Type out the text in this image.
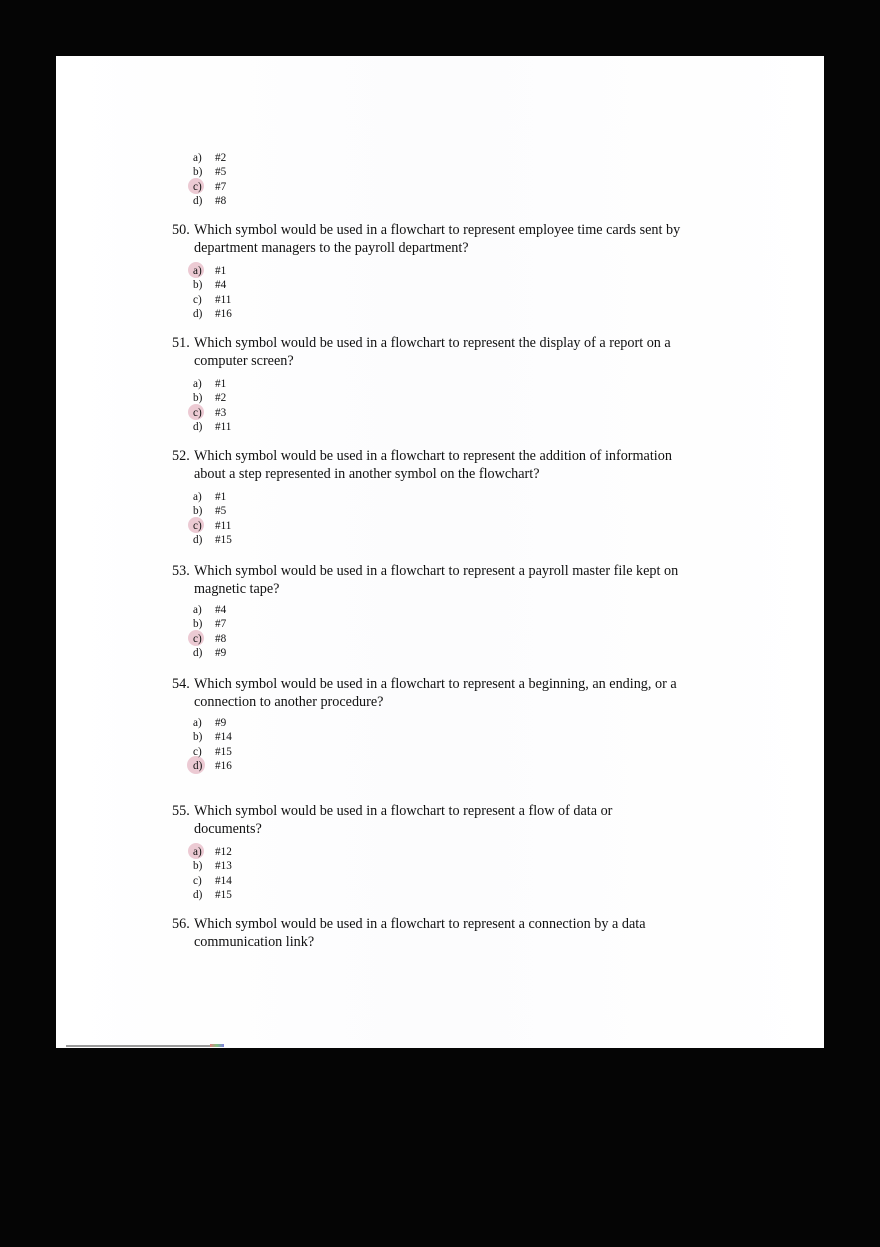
a) #2
b) #5
c) #7
d) #8
50. Which symbol would be used in a flowchart to represent employee time cards sent by
department managers to the payroll department?
a) #1
b) #4
c) #11
d) #16
51. Which symbol would be used in a flowchart to represent the display of a report on a
computer screen?
a) #1
b) #2
c) #3
d) #11
52. Which symbol would be used in a flowchart to represent the addition of information
about a step represented in another symbol on the flowchart?
a) #1
b) #5
c) #11
d) #15
53. Which symbol would be used in a flowchart to represent a payroll master file kept on
magnetic tape?
a) #4
b) #7
c) #8
d) #9
54. Which symbol would be used in a flowchart to represent a beginning, an ending, or a
connection to another procedure?
a) #9
b) #14
c) #15
d) #16
55. Which symbol would be used in a flowchart to represent a flow of data or
documents?
a) #12
b) #13
c) #14
d) #15
56. Which symbol would be used in a flowchart to represent a connection by a data
communication link?
